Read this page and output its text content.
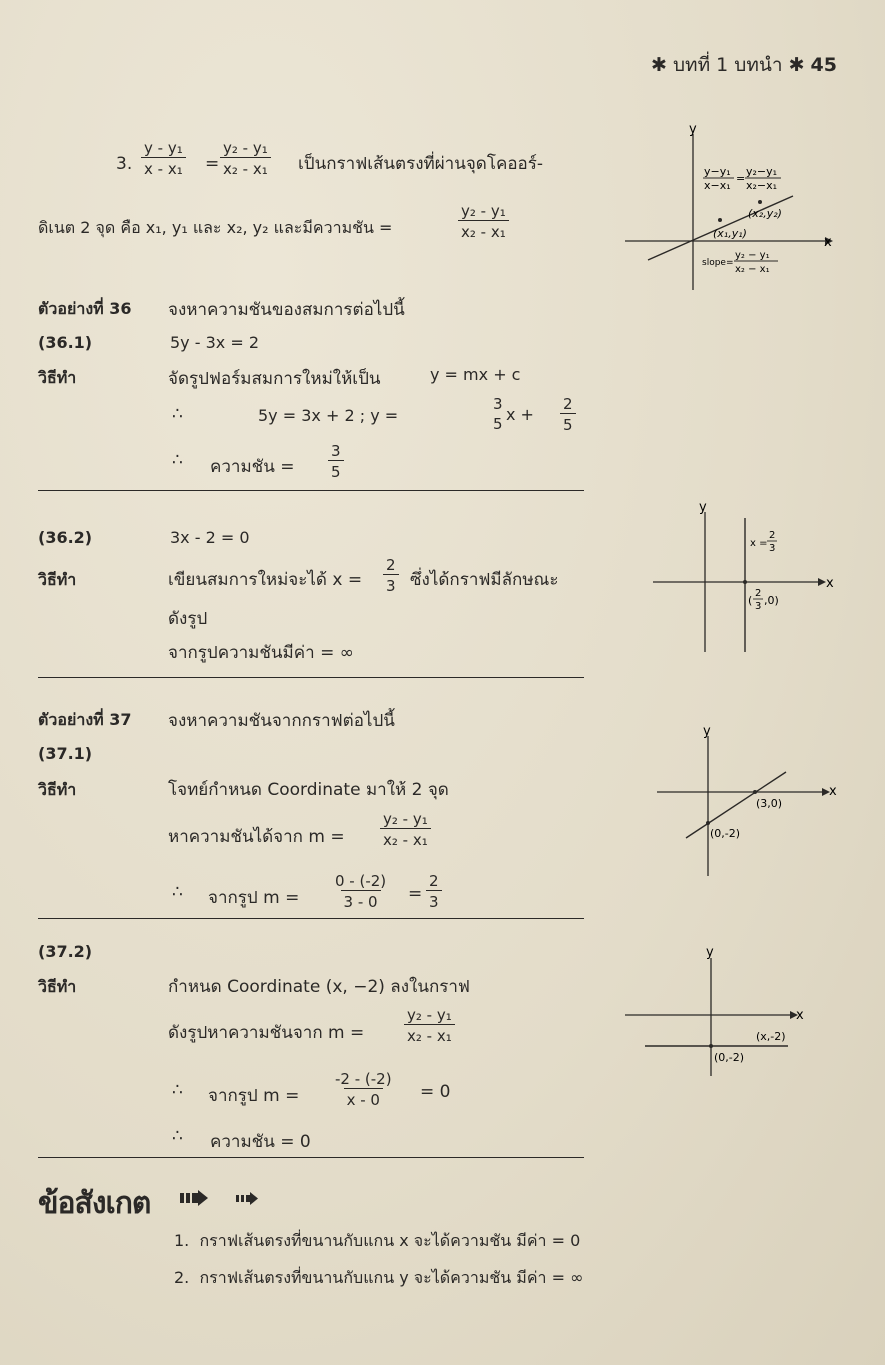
✱ บทที่ 1 บทนำ ✱ 45
3. $\frac{\text{y - y₁}}{\text{x - x₁}} = \frac{\text{y₂ - y₁}}{\text{x₂ - x₁}}$ เป็นกราฟเส้นตรงที่ผ่านจุดโคออร์-
ดิเนต 2 จุด คือ x₁, y₁ และ x₂, y₂ และมีความชัน =	$\frac{\text{y₂ - y₁}}{\text{x₂ - x₁}}$
y
x
y−y₁
x−x₁
=
y₂−y₁
x₂−x₁
(x₂,y₂)
(x₁,y₁)
slope=
y₂ − y₁
x₂ − x₁
ตัวอย่างที่ 36 จงหาความชันของสมการต่อไปนี้
(36.1)	5y - 3x = 2
วิธีทำ	จัดรูปฟอร์มสมการใหม่ให้เป็น	y = mx + c
∴	5y = 3x + 2 ; y =
3
5 $x + \frac{2}{5}$
∴ ความชัน = $\frac{3}{5}$
(36.2)	3x - 2 = 0
วิธีทำ	เขียนสมการใหม่จะได้ $x = \frac{2}{3}$ ซึ่งได้กราฟมีลักษณะ
ดังรูป
จากรูปความชันมีค่า = ∞
y
x
x =
2
3
(
2
3 ,0)
ตัวอย่างที่ 37 จงหาความชันจากกราฟต่อไปนี้
(37.1)
วิธีทำ	โจทย์กำหนด Coordinate มาให้ 2 จุด
หาความชันได้จาก $m = \frac{\text{y₂ - y₁}}{\text{x₂ - x₁}}$
∴ จากรูป $m = \frac{0 - (-2)}{3 - 0} = \frac{2}{3}$
y
x
(3,0)
(0,-2)
(37.2)
วิธีทำ	กำหนด Coordinate (x, −2) ลงในกราฟ
ดังรูปหาความชันจาก m =	$\frac{\text{y₂ - y₁}}{\text{x₂ - x₁}}$
∴ จากรูป $m = \frac{-2 - (-2)}{x - 0} = 0$
∴ ความชัน = 0
y
x
(x,-2)
(0,-2)
ข้อสังเกต
1. กราฟเส้นตรงที่ขนานกับแกน x จะได้ความชัน มีค่า = 0
2. กราฟเส้นตรงที่ขนานกับแกน y จะได้ความชัน มีค่า = ∞
